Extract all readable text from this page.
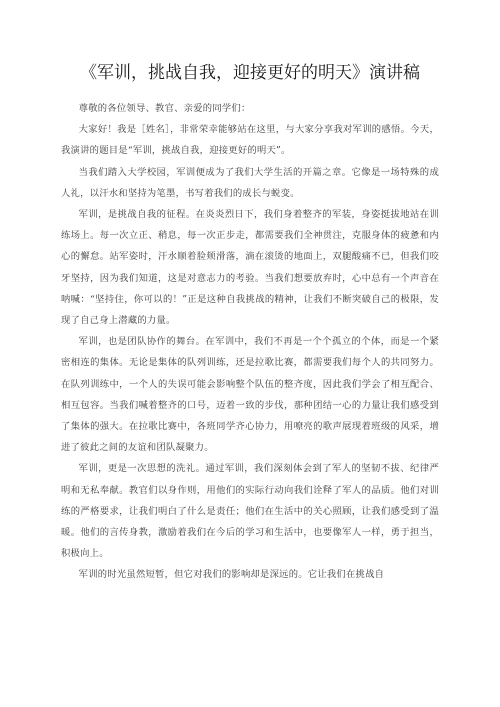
《军训，挑战自我，迎接更好的明天》演讲稿

尊敬的各位领导、教官、亲爱的同学们：

大家好！我是［姓名］，非常荣幸能够站在这里，与大家分享我对军训的感悟。今天，我演讲的题目是“军训，挑战自我，迎接更好的明天”。

当我们踏入大学校园，军训便成为了我们大学生活的开篇之章。它像是一场特殊的成人礼，以汗水和坚持为笔墨，书写着我们的成长与蜕变。

军训，是挑战自我的征程。在炎炎烈日下，我们身着整齐的军装，身姿挺拔地站在训练场上。每一次立正、稍息，每一次正步走，都需要我们全神贯注，克服身体的疲惫和内心的懈怠。站军姿时，汗水顺着脸颊滑落，滴在滚烫的地面上，双腿酸痛不已，但我们咬牙坚持，因为我们知道，这是对意志力的考验。当我们想要放弃时，心中总有一个声音在呐喊：“坚持住，你可以的！”正是这种自我挑战的精神，让我们不断突破自己的极限，发现了自己身上潜藏的力量。

军训，也是团队协作的舞台。在军训中，我们不再是一个个孤立的个体，而是一个紧密相连的集体。无论是集体的队列训练，还是拉歌比赛，都需要我们每个人的共同努力。在队列训练中，一个人的失误可能会影响整个队伍的整齐度，因此我们学会了相互配合、相互包容。当我们喊着整齐的口号，迈着一致的步伐，那种团结一心的力量让我们感受到了集体的强大。在拉歌比赛中，各班同学齐心协力，用嘹亮的歌声展现着班级的风采，增进了彼此之间的友谊和团队凝聚力。

军训，更是一次思想的洗礼。通过军训，我们深刻体会到了军人的坚韧不拔、纪律严明和无私奉献。教官们以身作则，用他们的实际行动向我们诠释了军人的品质。他们对训练的严格要求，让我们明白了什么是责任；他们在生活中的关心照顾，让我们感受到了温暖。他们的言传身教，激励着我们在今后的学习和生活中，也要像军人一样，勇于担当，积极向上。

军训的时光虽然短暂，但它对我们的影响却是深远的。它让我们在挑战自
